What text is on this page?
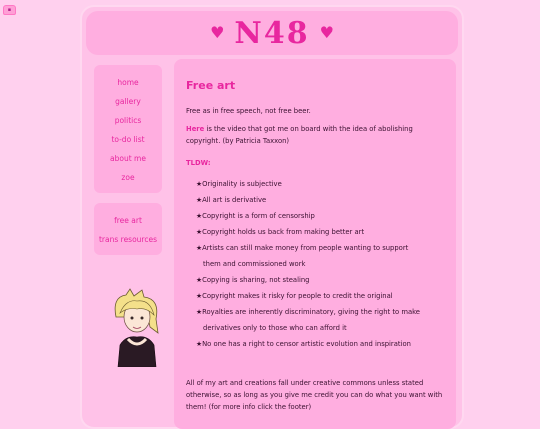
▪
♥ N48 ♥
home
gallery
politics
to-do list
about me
zoe
free art
trans resources
Free art
Free as in free speech, not free beer.
Here is the video that got me on board with the idea of abolishing copyright. (by Patricia Taxxon)
TLDW:
★Originality is subjective
★All art is derivative
★Copyright is a form of censorship
★Copyright holds us back from making better art
★Artists can still make money from people wanting to support
them and commissioned work
★Copying is sharing, not stealing
★Copyright makes it risky for people to credit the original
★Royalties are inherently discriminatory, giving the right to make
derivatives only to those who can afford it
★No one has a right to censor artistic evolution and inspiration
All of my art and creations fall under creative commons unless stated otherwise, so as long as you give me credit you can do what you want with them! (for more info click the footer)
